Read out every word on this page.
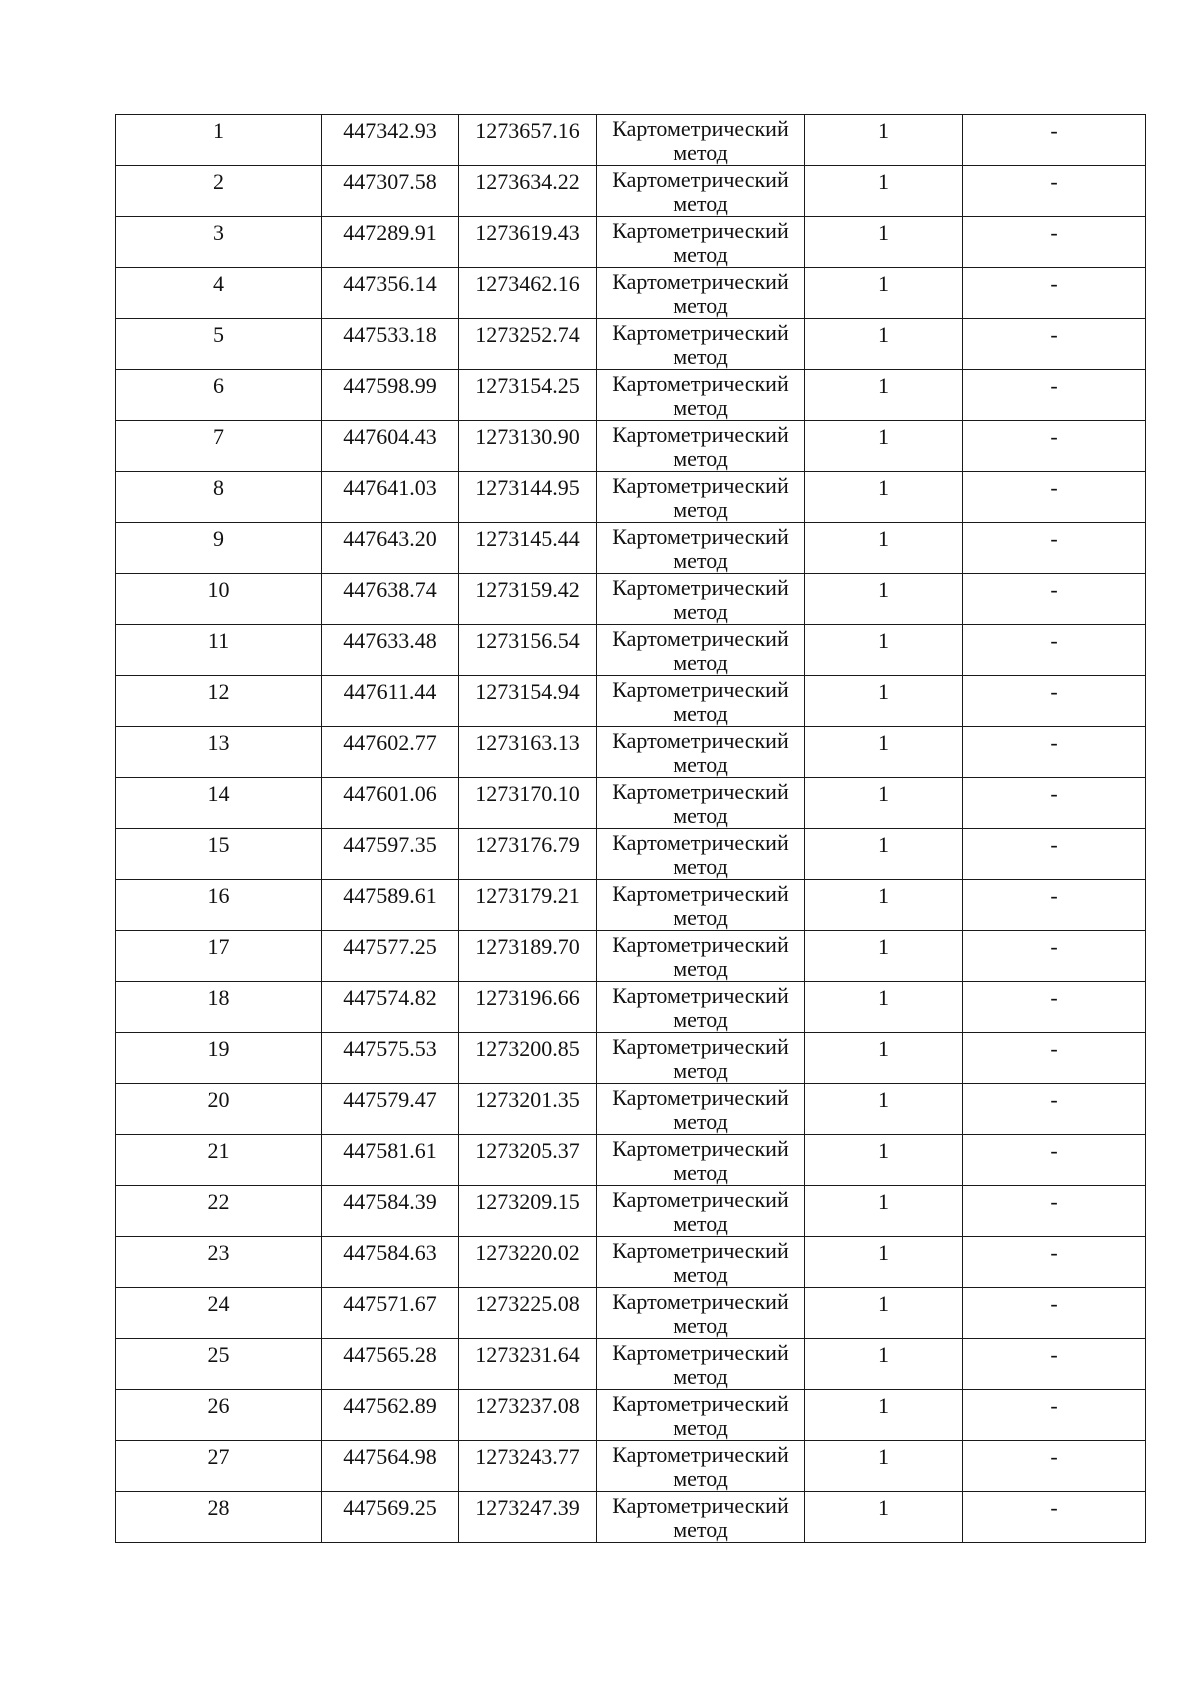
1	447342.93	1273657.16	Картометрический метод	1	-
2	447307.58	1273634.22	Картометрический метод	1	-
3	447289.91	1273619.43	Картометрический метод	1	-
4	447356.14	1273462.16	Картометрический метод	1	-
5	447533.18	1273252.74	Картометрический метод	1	-
6	447598.99	1273154.25	Картометрический метод	1	-
7	447604.43	1273130.90	Картометрический метод	1	-
8	447641.03	1273144.95	Картометрический метод	1	-
9	447643.20	1273145.44	Картометрический метод	1	-
10	447638.74	1273159.42	Картометрический метод	1	-
11	447633.48	1273156.54	Картометрический метод	1	-
12	447611.44	1273154.94	Картометрический метод	1	-
13	447602.77	1273163.13	Картометрический метод	1	-
14	447601.06	1273170.10	Картометрический метод	1	-
15	447597.35	1273176.79	Картометрический метод	1	-
16	447589.61	1273179.21	Картометрический метод	1	-
17	447577.25	1273189.70	Картометрический метод	1	-
18	447574.82	1273196.66	Картометрический метод	1	-
19	447575.53	1273200.85	Картометрический метод	1	-
20	447579.47	1273201.35	Картометрический метод	1	-
21	447581.61	1273205.37	Картометрический метод	1	-
22	447584.39	1273209.15	Картометрический метод	1	-
23	447584.63	1273220.02	Картометрический метод	1	-
24	447571.67	1273225.08	Картометрический метод	1	-
25	447565.28	1273231.64	Картометрический метод	1	-
26	447562.89	1273237.08	Картометрический метод	1	-
27	447564.98	1273243.77	Картометрический метод	1	-
28	447569.25	1273247.39	Картометрический метод	1	-
